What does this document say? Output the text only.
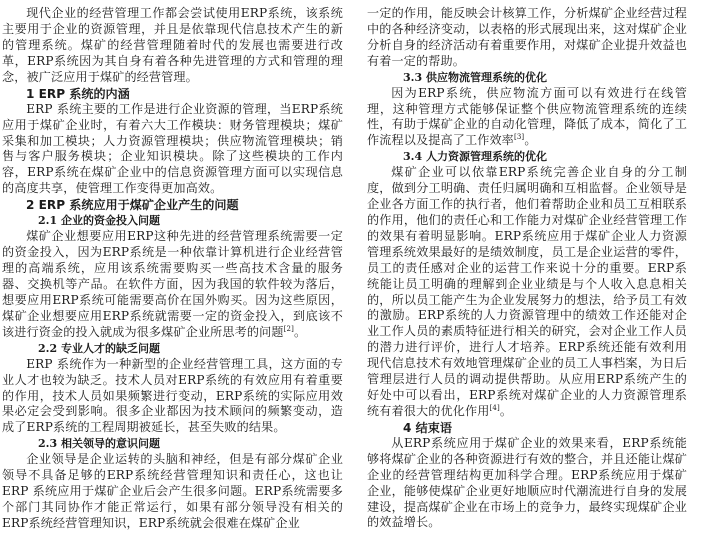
现代企业的经营管理工作都会尝试使用ERP系统，该系统主要用于企业的资源管理，并且是依靠现代信息技术产生的新的管理系统。煤矿的经营管理随着时代的发展也需要进行改革，ERP系统因为其自身有着各种先进管理的方式和管理的理念，被广泛应用于煤矿的经营管理。
1 ERP 系统的内涵
ERP 系统主要的工作是进行企业资源的管理，当ERP系统应用于煤矿企业时，有着六大工作模块：财务管理模块；煤矿采集和加工模块；人力资源管理模块；供应物流管理模块；销售与客户服务模块；企业知识模块。除了这些模块的工作内容，ERP系统在煤矿企业中的信息资源管理方面可以实现信息的高度共享，使管理工作变得更加高效。
2 ERP 系统应用于煤矿企业产生的问题
2.1 企业的资金投入问题
煤矿企业想要应用ERP这种先进的经营管理系统需要一定的资金投入，因为ERP系统是一种依靠计算机进行企业经营管理的高端系统，应用该系统需要购买一些高技术含量的服务器、交换机等产品。在软件方面，因为我国的软件较为落后，想要应用ERP系统可能需要高价在国外购买。因为这些原因，煤矿企业想要应用ERP系统就需要一定的资金投入，到底该不该进行资金的投入就成为很多煤矿企业所思考的问题[2]。
2.2 专业人才的缺乏问题
ERP 系统作为一种新型的企业经营管理工具，这方面的专业人才也较为缺乏。技术人员对ERP系统的有效应用有着重要的作用，技术人员如果频繁进行变动，ERP系统的实际应用效果必定会受到影响。很多企业都因为技术顾问的频繁变动，造成了ERP系统的工程周期被延长，甚至失败的结果。
2.3 相关领导的意识问题
企业领导是企业运转的头脑和神经，但是有部分煤矿企业领导不具备足够的ERP系统经营管理知识和责任心，这也让ERP 系统应用于煤矿企业后会产生很多问题。ERP系统需要多个部门其同协作才能正常运行，如果有部分领导没有相关的ERP系统经营管理知识，ERP系统就会很难在煤矿企业
一定的作用，能反映会计核算工作，分析煤矿企业经营过程中的各种经济变动，以表格的形式展现出来，这对煤矿企业分析自身的经济活动有着重要作用，对煤矿企业提升效益也有着一定的帮助。
3.3 供应物流管理系统的优化
因为ERP系统，供应物流方面可以有效进行在线管理，这种管理方式能够保证整个供应物流管理系统的连续性，有助于煤矿企业的自动化管理，降低了成本，简化了工作流程以及提高了工作效率[3]。
3.4 人力资源管理系统的优化
煤矿企业可以依靠ERP系统完善企业自身的分工制度，做到分工明确、责任归属明确和互相监督。企业领导是企业各方面工作的执行者，他们着帮助企业和员工互相联系的作用，他们的责任心和工作能力对煤矿企业经营管理工作的效果有着明显影响。ERP系统应用于煤矿企业人力资源管理系统效果最好的是绩效制度，员工是企业运营的零件，员工的责任感对企业的运营工作来说十分的重要。ERP系统能让员工明确的理解到企业业绩是与个人收入息息相关的，所以员工能产生为企业发展努力的想法，给予员工有效的激励。ERP系统的人力资源管理中的绩效工作还能对企业工作人员的素质特征进行相关的研究，会对企业工作人员的潜力进行评价，进行人才培养。ERP系统还能有效利用现代信息技术有效地管理煤矿企业的员工人事档案，为日后管理层进行人员的调动提供帮助。从应用ERP系统产生的好处中可以看出，ERP系统对煤矿企业的人力资源管理系统有着很大的优化作用[4]。
4 结束语
从ERP系统应用于煤矿企业的效果来看，ERP系统能够将煤矿企业的各种资源进行有效的整合，并且还能让煤矿企业的经营管理结构更加科学合理。ERP系统应用于煤矿企业，能够使煤矿企业更好地顺应时代潮流进行自身的发展建设，提高煤矿企业在市场上的竞争力，最终实现煤矿企业的效益增长。
